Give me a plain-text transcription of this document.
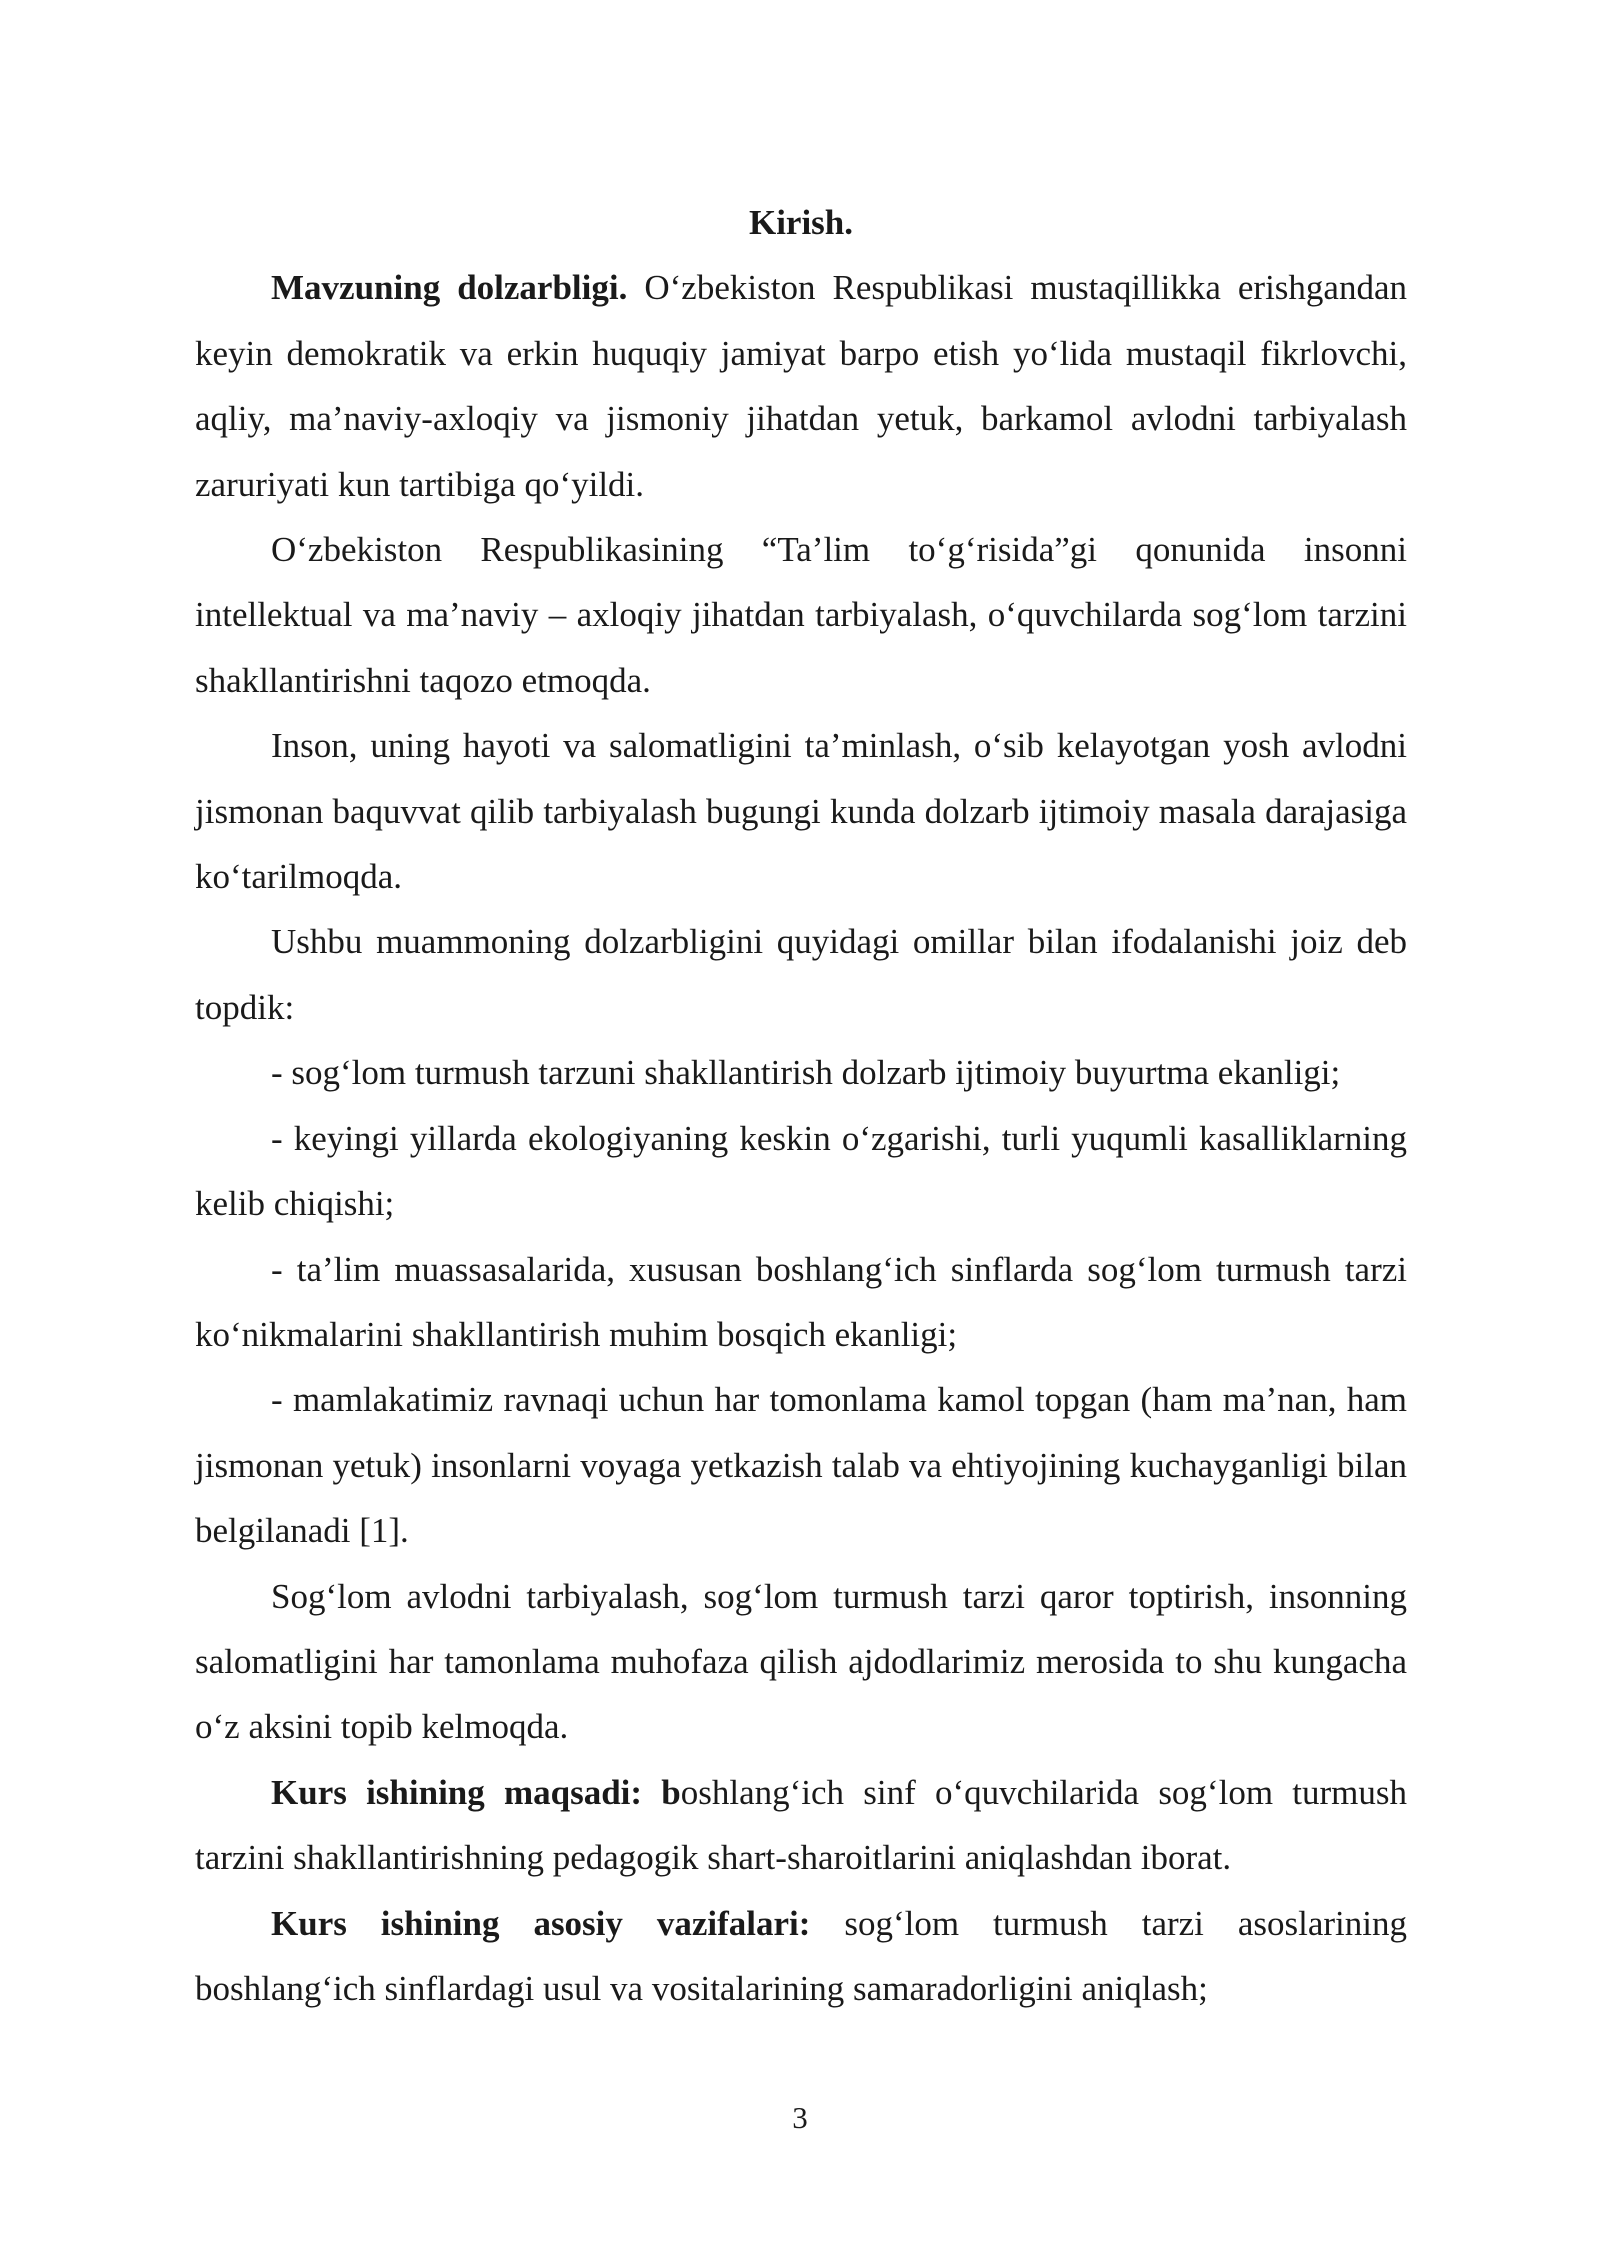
Kirish.

Mavzuning dolzarbligi. O‘zbekiston Respublikasi mustaqillikka erishgandan keyin demokratik va erkin huquqiy jamiyat barpo etish yo‘lida mustaqil fikrlovchi, aqliy, ma’naviy-axloqiy va jismoniy jihatdan yetuk, barkamol avlodni tarbiyalash zaruriyati kun tartibiga qo‘yildi.

O‘zbekiston Respublikasining “Ta’lim to‘g‘risida”gi qonunida insonni intellektual va ma’naviy – axloqiy jihatdan tarbiyalash, o‘quvchilarda sog‘lom tarzini shakllantirishni taqozo etmoqda.

Inson, uning hayoti va salomatligini ta’minlash, o‘sib kelayotgan yosh avlodni jismonan baquvvat qilib tarbiyalash bugungi kunda dolzarb ijtimoiy masala darajasiga ko‘tarilmoqda.

Ushbu muammoning dolzarbligini quyidagi omillar bilan ifodalanishi joiz deb topdik:

- sog‘lom turmush tarzuni shakllantirish dolzarb ijtimoiy buyurtma ekanligi;

- keyingi yillarda ekologiyaning keskin o‘zgarishi, turli yuqumli kasalliklarning kelib chiqishi;

- ta’lim muassasalarida, xususan boshlang‘ich sinflarda sog‘lom turmush tarzi ko‘nikmalarini shakllantirish muhim bosqich ekanligi;

- mamlakatimiz ravnaqi uchun har tomonlama kamol topgan (ham ma’nan, ham jismonan yetuk) insonlarni voyaga yetkazish talab va ehtiyojining kuchayganligi bilan belgilanadi [1].

Sog‘lom avlodni tarbiyalash, sog‘lom turmush tarzi qaror toptirish, insonning salomatligini har tamonlama muhofaza qilish ajdodlarimiz merosida to shu kungacha o‘z aksini topib kelmoqda.

Kurs ishining maqsadi: boshlang‘ich sinf o‘quvchilarida sog‘lom turmush tarzini shakllantirishning pedagogik shart-sharoitlarini aniqlashdan iborat.

Kurs ishining asosiy vazifalari: sog‘lom turmush tarzi asoslarining boshlang‘ich sinflardagi usul va vositalarining samaradorligini aniqlash;

3
